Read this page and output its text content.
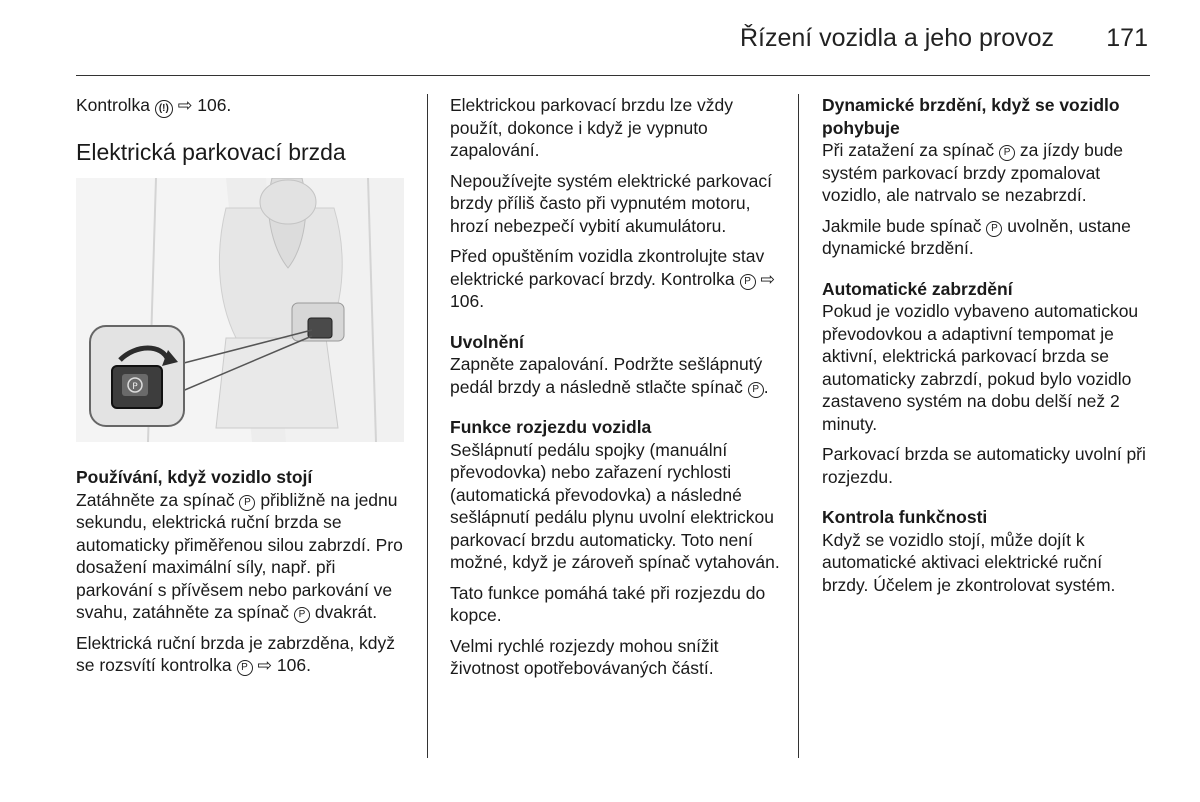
Řízení vozidla a jeho provoz 171

Kontrolka (!) ⇨ 106.

Elektrická parkovací brzda
P
Používání, když vozidlo stojí

Zatáhněte za spínač P přibližně na jednu sekundu, elektrická ruční brzda se automaticky přiměřenou silou zabrzdí. Pro dosažení maximální síly, např. při parkování s přívěsem nebo parkování ve svahu, zatáhněte za spínač P dvakrát.

Elektrická ruční brzda je zabrzděna, když se rozsvítí kontrolka P ⇨ 106.

Elektrickou parkovací brzdu lze vždy použít, dokonce i když je vypnuto zapalování.

Nepoužívejte systém elektrické parkovací brzdy příliš často při vypnutém motoru, hrozí nebezpečí vybití akumulátoru.

Před opuštěním vozidla zkontrolujte stav elektrické parkovací brzdy. Kontrolka P ⇨ 106.

Uvolnění

Zapněte zapalování. Podržte sešlápnutý pedál brzdy a následně stlačte spínač P .

Funkce rozjezdu vozidla

Sešlápnutí pedálu spojky (manuální převodovka) nebo zařazení rychlosti (automatická převodovka) a následné sešlápnutí pedálu plynu uvolní elektrickou parkovací brzdu automaticky. Toto není možné, když je zároveň spínač vytahován.

Tato funkce pomáhá také při rozjezdu do kopce.

Velmi rychlé rozjezdy mohou snížit životnost opotřebovávaných částí.

Dynamické brzdění, když se vozidlo pohybuje

Při zatažení za spínač P za jízdy bude systém parkovací brzdy zpomalovat vozidlo, ale natrvalo se nezabrzdí.

Jakmile bude spínač P uvolněn, ustane dynamické brzdění.

Automatické zabrzdění

Pokud je vozidlo vybaveno automatickou převodovkou a adaptivní tempomat je aktivní, elektrická parkovací brzda se automaticky zabrzdí, pokud bylo vozidlo zastaveno systém na dobu delší než 2 minuty.

Parkovací brzda se automaticky uvolní při rozjezdu.

Kontrola funkčnosti

Když se vozidlo stojí, může dojít k automatické aktivaci elektrické ruční brzdy. Účelem je zkontrolovat systém.
